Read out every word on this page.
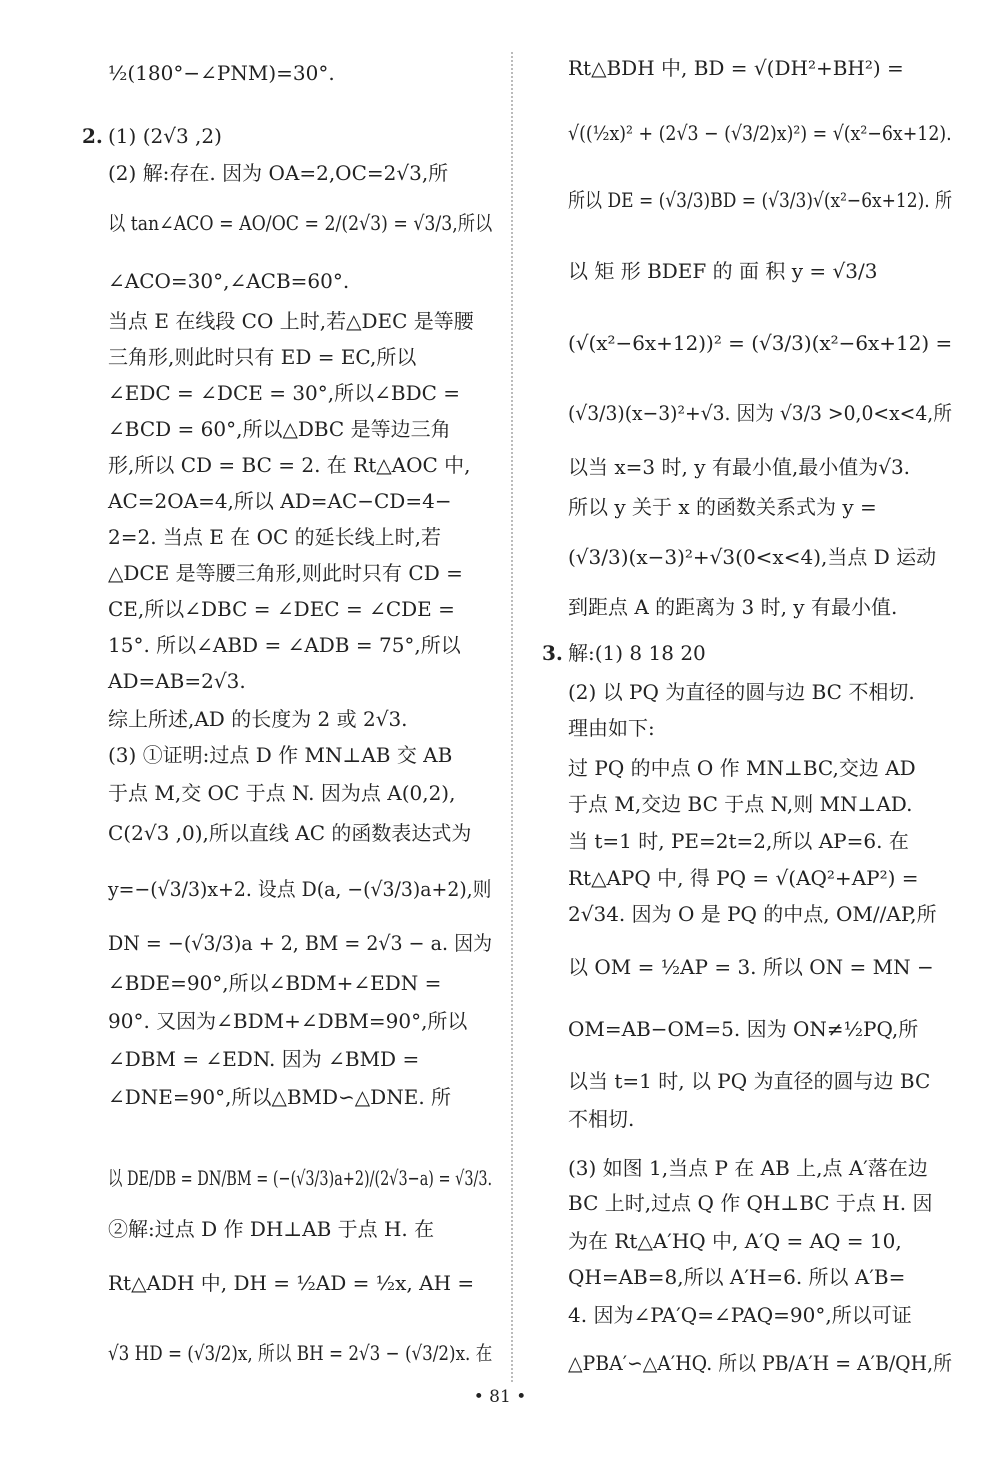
½(180°−∠PNM)=30°.
2. (1) (2√3 ,2)
(2) 解:存在. 因为 OA=2,OC=2√3,所
以 tan∠ACO = AO/OC = 2/(2√3) = √3/3,所以
∠ACO=30°,∠ACB=60°.
当点 E 在线段 CO 上时,若△DEC 是等腰
三角形,则此时只有 ED = EC,所以
∠EDC = ∠DCE = 30°,所以∠BDC =
∠BCD = 60°,所以△DBC 是等边三角
形,所以 CD = BC = 2. 在 Rt△AOC 中,
AC=2OA=4,所以 AD=AC−CD=4−
2=2. 当点 E 在 OC 的延长线上时,若
△DCE 是等腰三角形,则此时只有 CD =
CE,所以∠DBC = ∠DEC = ∠CDE =
15°. 所以∠ABD = ∠ADB = 75°,所以
AD=AB=2√3.
综上所述,AD 的长度为 2 或 2√3.
(3) ①证明:过点 D 作 MN⊥AB 交 AB
于点 M,交 OC 于点 N. 因为点 A(0,2),
C(2√3 ,0),所以直线 AC 的函数表达式为
y=−(√3/3)x+2. 设点 D(a, −(√3/3)a+2),则
DN = −(√3/3)a + 2, BM = 2√3 − a. 因为
∠BDE=90°,所以∠BDM+∠EDN =
90°. 又因为∠BDM+∠DBM=90°,所以
∠DBM = ∠EDN. 因为 ∠BMD =
∠DNE=90°,所以△BMD∽△DNE. 所
以 DE/DB = DN/BM = (−(√3/3)a+2)/(2√3−a) = √3/3.
②解:过点 D 作 DH⊥AB 于点 H. 在
Rt△ADH 中, DH = ½AD = ½x, AH =
√3 HD = (√3/2)x, 所以 BH = 2√3 − (√3/2)x. 在
Rt△BDH 中, BD = √(DH²+BH²) =
√((½x)² + (2√3 − (√3/2)x)²) = √(x²−6x+12).
所以 DE = (√3/3)BD = (√3/3)√(x²−6x+12). 所
以 矩 形 BDEF 的 面 积 y = √3/3
(√(x²−6x+12))² = (√3/3)(x²−6x+12) =
(√3/3)(x−3)²+√3. 因为 √3/3 >0,0<x<4,所
以当 x=3 时, y 有最小值,最小值为√3.
所以 y 关于 x 的函数关系式为 y =
(√3/3)(x−3)²+√3(0<x<4),当点 D 运动
到距点 A 的距离为 3 时, y 有最小值.
3. 解:(1) 8 18 20
(2) 以 PQ 为直径的圆与边 BC 不相切.
理由如下:
过 PQ 的中点 O 作 MN⊥BC,交边 AD
于点 M,交边 BC 于点 N,则 MN⊥AD.
当 t=1 时, PE=2t=2,所以 AP=6. 在
Rt△APQ 中, 得 PQ = √(AQ²+AP²) =
2√34. 因为 O 是 PQ 的中点, OM//AP,所
以 OM = ½AP = 3. 所以 ON = MN −
OM=AB−OM=5. 因为 ON≠½PQ,所
以当 t=1 时, 以 PQ 为直径的圆与边 BC
不相切.
(3) 如图 1,当点 P 在 AB 上,点 A′落在边
BC 上时,过点 Q 作 QH⊥BC 于点 H. 因
为在 Rt△A′HQ 中, A′Q = AQ = 10,
QH=AB=8,所以 A′H=6. 所以 A′B=
4. 因为∠PA′Q=∠PAQ=90°,所以可证
△PBA′∽△A′HQ. 所以 PB/A′H = A′B/QH,所
• 81 •
